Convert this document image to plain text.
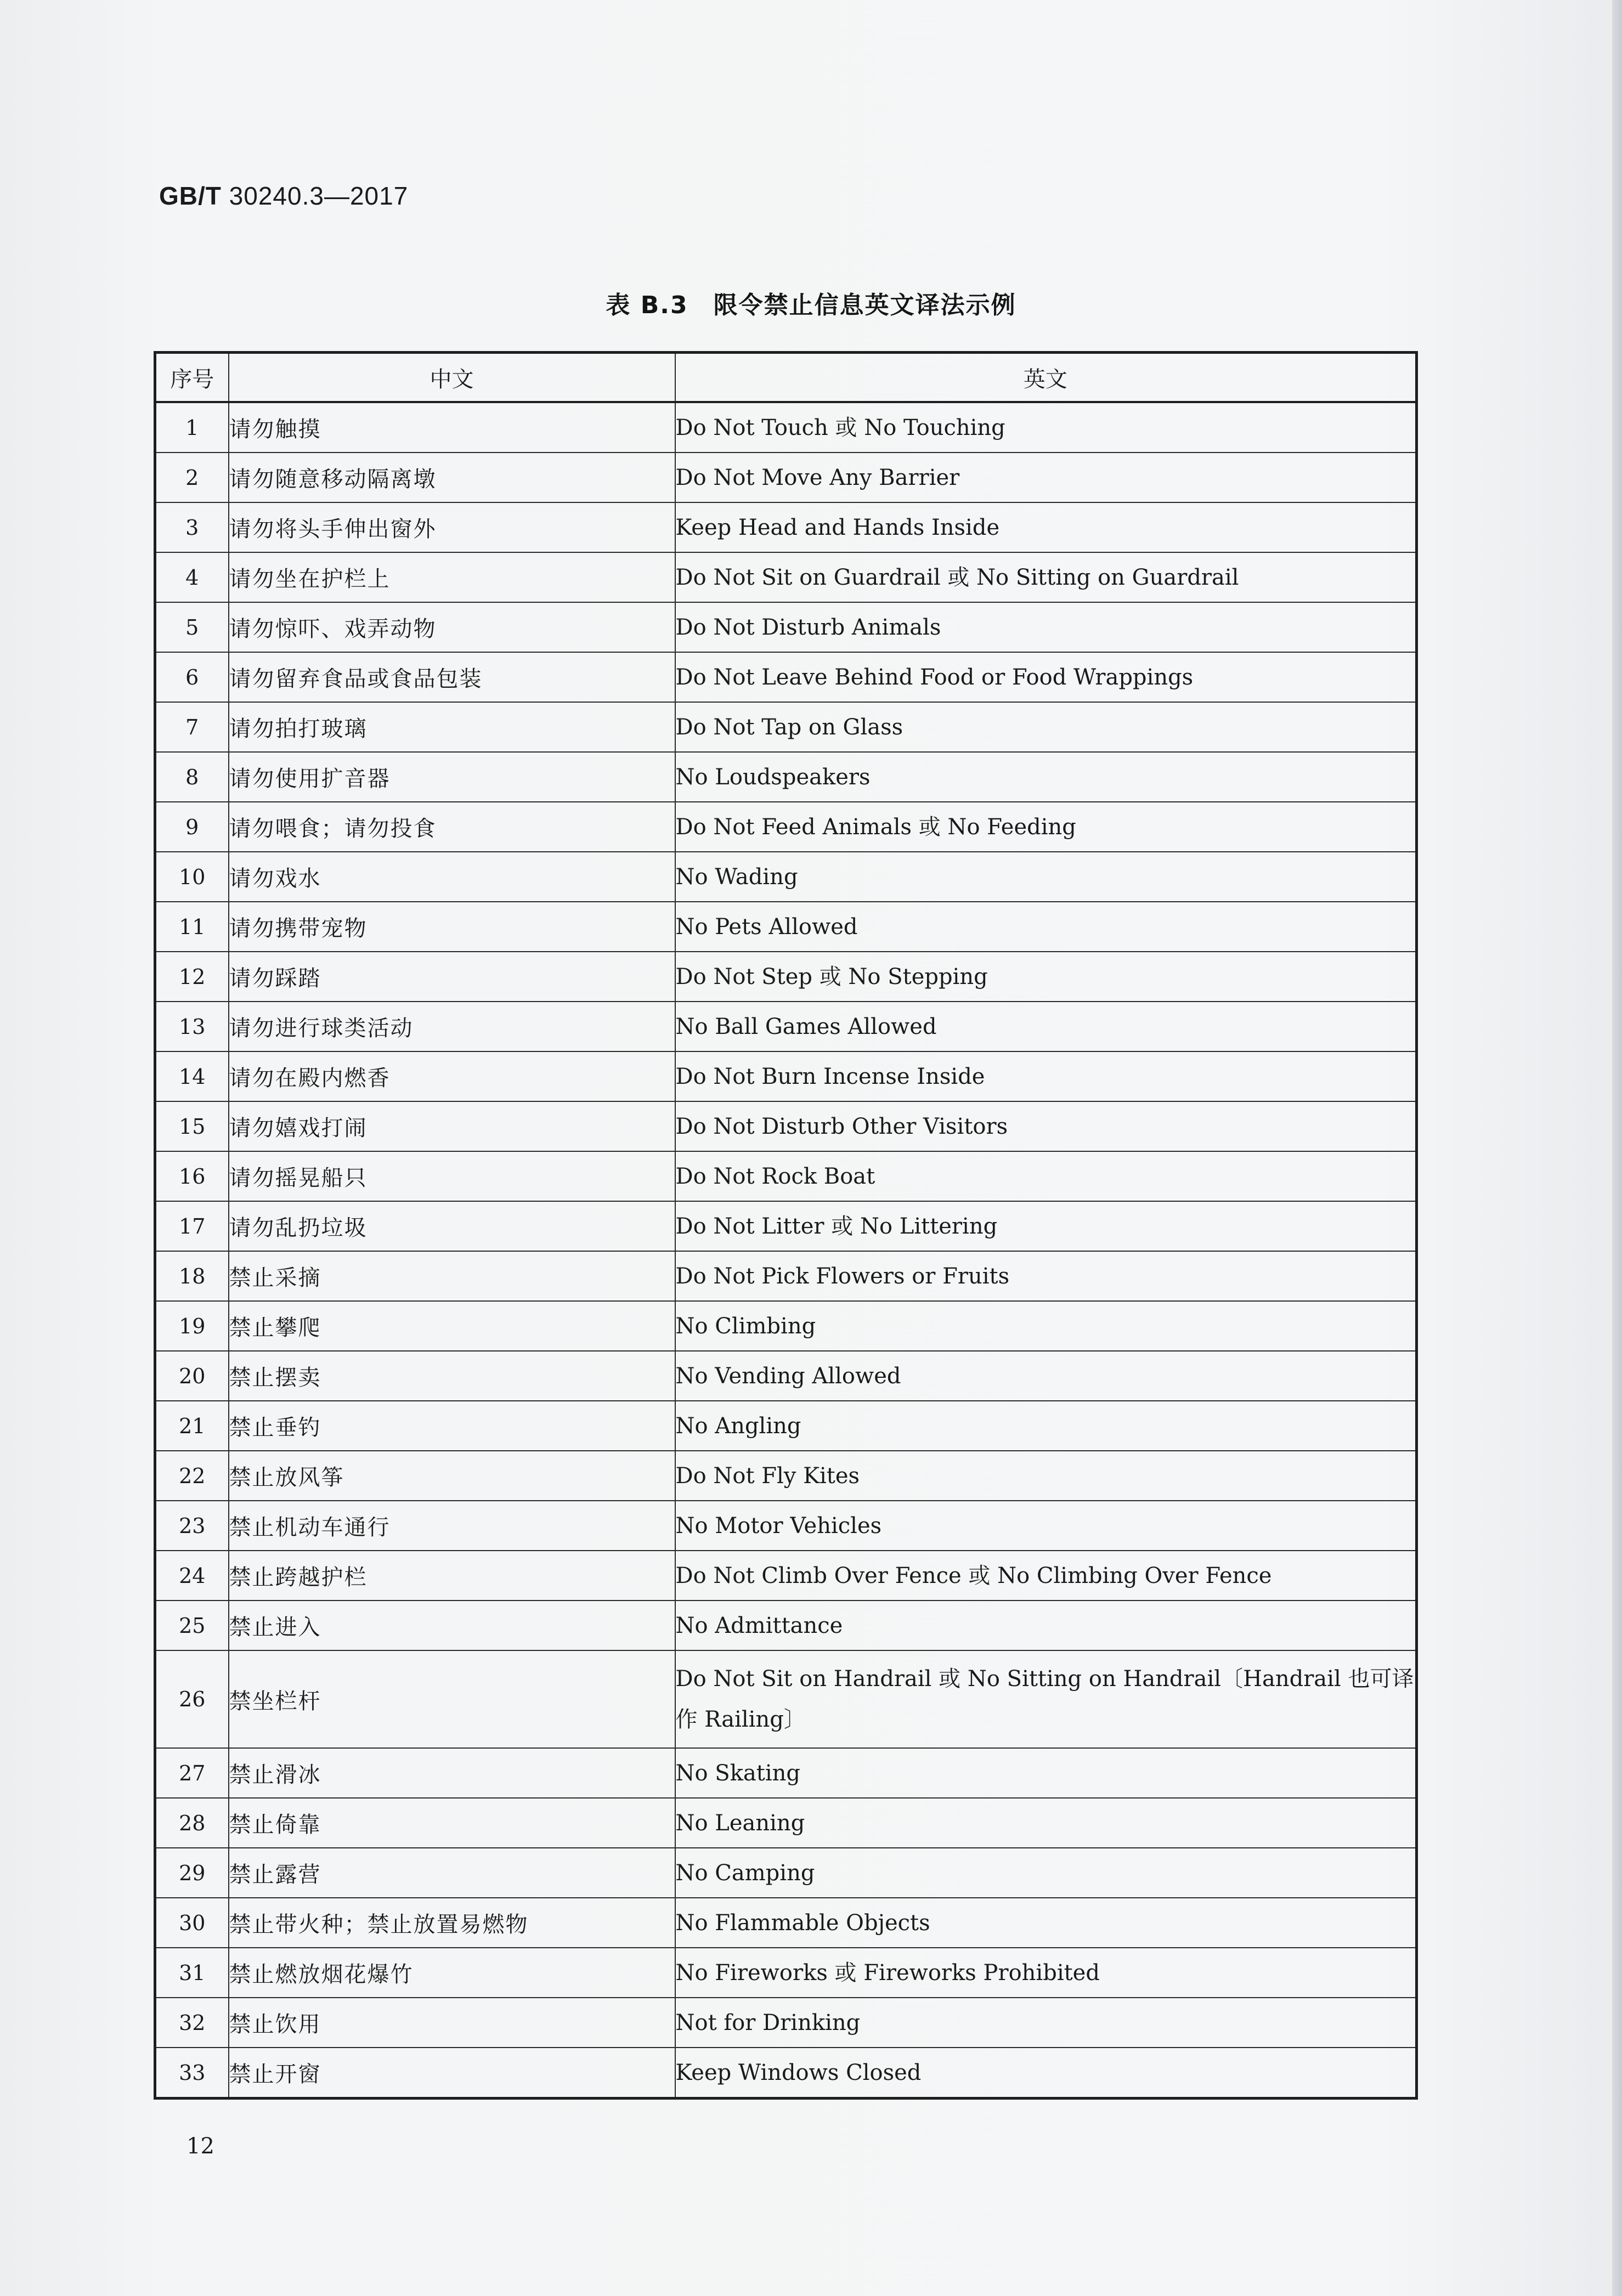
GB/T 30240.3—2017
表 B.3　限令禁止信息英文译法示例
序号	中文	英文
1	请勿触摸	Do Not Touch 或 No Touching
2	请勿随意移动隔离墩	Do Not Move Any Barrier
3	请勿将头手伸出窗外	Keep Head and Hands Inside
4	请勿坐在护栏上	Do Not Sit on Guardrail 或 No Sitting on Guardrail
5	请勿惊吓、戏弄动物	Do Not Disturb Animals
6	请勿留弃食品或食品包装	Do Not Leave Behind Food or Food Wrappings
7	请勿拍打玻璃	Do Not Tap on Glass
8	请勿使用扩音器	No Loudspeakers
9	请勿喂食；请勿投食	Do Not Feed Animals 或 No Feeding
10	请勿戏水	No Wading
11	请勿携带宠物	No Pets Allowed
12	请勿踩踏	Do Not Step 或 No Stepping
13	请勿进行球类活动	No Ball Games Allowed
14	请勿在殿内燃香	Do Not Burn Incense Inside
15	请勿嬉戏打闹	Do Not Disturb Other Visitors
16	请勿摇晃船只	Do Not Rock Boat
17	请勿乱扔垃圾	Do Not Litter 或 No Littering
18	禁止采摘	Do Not Pick Flowers or Fruits
19	禁止攀爬	No Climbing
20	禁止摆卖	No Vending Allowed
21	禁止垂钓	No Angling
22	禁止放风筝	Do Not Fly Kites
23	禁止机动车通行	No Motor Vehicles
24	禁止跨越护栏	Do Not Climb Over Fence 或 No Climbing Over Fence
25	禁止进入	No Admittance
26	禁坐栏杆	Do Not Sit on Handrail 或 No Sitting on Handrail〔Handrail 也可译作 Railing〕
27	禁止滑冰	No Skating
28	禁止倚靠	No Leaning
29	禁止露营	No Camping
30	禁止带火种；禁止放置易燃物	No Flammable Objects
31	禁止燃放烟花爆竹	No Fireworks 或 Fireworks Prohibited
32	禁止饮用	Not for Drinking
33	禁止开窗	Keep Windows Closed
12
